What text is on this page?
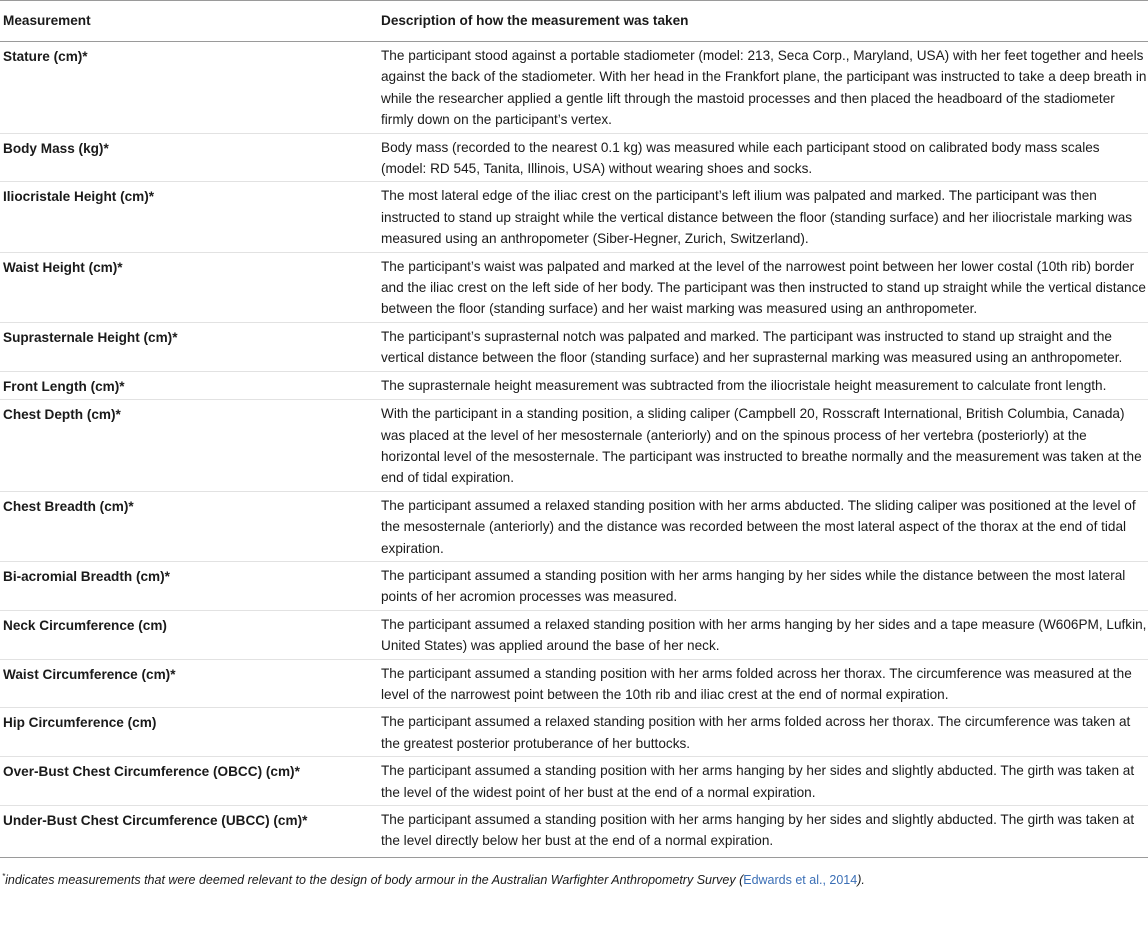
Measurement	Description of how the measurement was taken
Stature (cm)*	The participant stood against a portable stadiometer (model: 213, Seca Corp., Maryland, USA) with her feet together and heels against the back of the stadiometer. With her head in the Frankfort plane, the participant was instructed to take a deep breath in while the researcher applied a gentle lift through the mastoid processes and then placed the headboard of the stadiometer firmly down on the participant’s vertex.
Body Mass (kg)*	Body mass (recorded to the nearest 0.1 kg) was measured while each participant stood on calibrated body mass scales (model: RD 545, Tanita, Illinois, USA) without wearing shoes and socks.
Iliocristale Height (cm)*	The most lateral edge of the iliac crest on the participant’s left ilium was palpated and marked. The participant was then instructed to stand up straight while the vertical distance between the floor (standing surface) and her iliocristale marking was measured using an anthropometer (Siber-Hegner, Zurich, Switzerland).
Waist Height (cm)*	The participant’s waist was palpated and marked at the level of the narrowest point between her lower costal (10th rib) border and the iliac crest on the left side of her body. The participant was then instructed to stand up straight while the vertical distance between the floor (standing surface) and her waist marking was measured using an anthropometer.
Suprasternale Height (cm)*	The participant’s suprasternal notch was palpated and marked. The participant was instructed to stand up straight and the vertical distance between the floor (standing surface) and her suprasternal marking was measured using an anthropometer.
Front Length (cm)*	The suprasternale height measurement was subtracted from the iliocristale height measurement to calculate front length.
Chest Depth (cm)*	With the participant in a standing position, a sliding caliper (Campbell 20, Rosscraft International, British Columbia, Canada) was placed at the level of her mesosternale (anteriorly) and on the spinous process of her vertebra (posteriorly) at the horizontal level of the mesosternale. The participant was instructed to breathe normally and the measurement was taken at the end of tidal expiration.
Chest Breadth (cm)*	The participant assumed a relaxed standing position with her arms abducted. The sliding caliper was positioned at the level of the mesosternale (anteriorly) and the distance was recorded between the most lateral aspect of the thorax at the end of tidal expiration.
Bi-acromial Breadth (cm)*	The participant assumed a standing position with her arms hanging by her sides while the distance between the most lateral points of her acromion processes was measured.
Neck Circumference (cm)	The participant assumed a relaxed standing position with her arms hanging by her sides and a tape measure (W606PM, Lufkin, United States) was applied around the base of her neck.
Waist Circumference (cm)*	The participant assumed a standing position with her arms folded across her thorax. The circumference was measured at the level of the narrowest point between the 10th rib and iliac crest at the end of normal expiration.
Hip Circumference (cm)	The participant assumed a relaxed standing position with her arms folded across her thorax. The circumference was taken at the greatest posterior protuberance of her buttocks.
Over-Bust Chest Circumference (OBCC) (cm)*	The participant assumed a standing position with her arms hanging by her sides and slightly abducted. The girth was taken at the level of the widest point of her bust at the end of a normal expiration.
Under-Bust Chest Circumference (UBCC) (cm)*	The participant assumed a standing position with her arms hanging by her sides and slightly abducted. The girth was taken at the level directly below her bust at the end of a normal expiration.
*indicates measurements that were deemed relevant to the design of body armour in the Australian Warfighter Anthropometry Survey (Edwards et al., 2014).
